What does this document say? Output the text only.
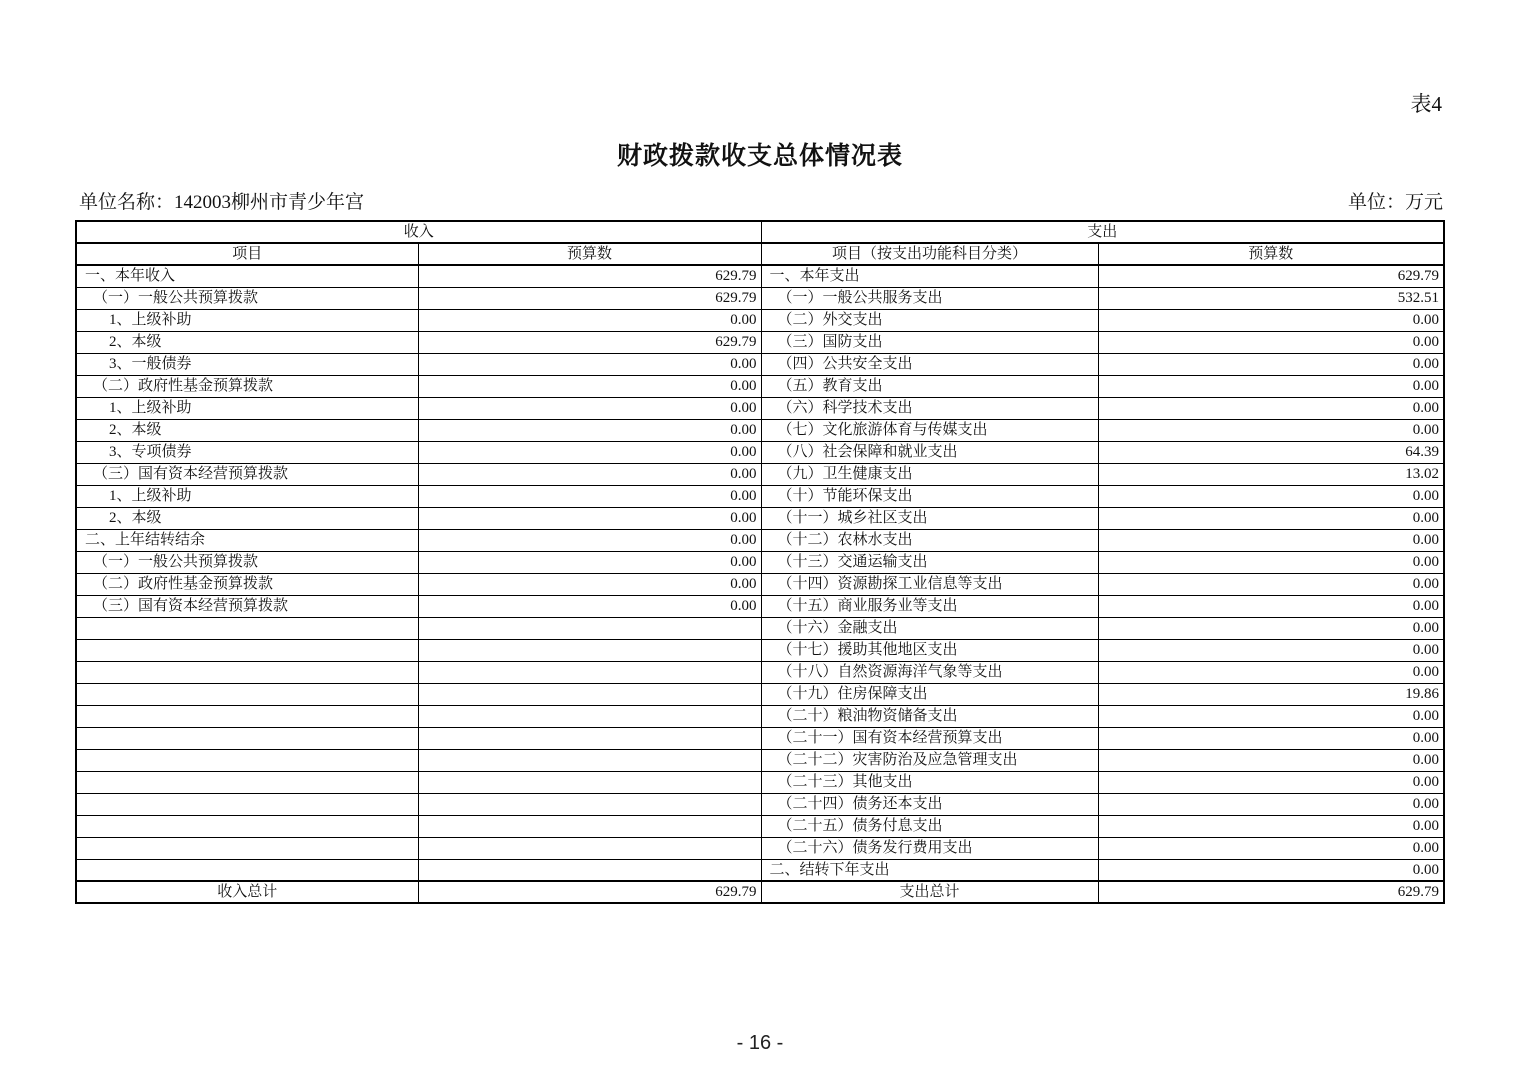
表4
财政拨款收支总体情况表
单位名称：142003柳州市青少年宫	单位：万元
收入		支出	
项目	预算数	项目（按支出功能科目分类）	预算数
一、本年收入	629.79	一、本年支出	629.79
（一）一般公共预算拨款	629.79	（一）一般公共服务支出	532.51
1、上级补助	0.00	（二）外交支出	0.00
2、本级	629.79	（三）国防支出	0.00
3、一般债券	0.00	（四）公共安全支出	0.00
（二）政府性基金预算拨款	0.00	（五）教育支出	0.00
1、上级补助	0.00	（六）科学技术支出	0.00
2、本级	0.00	（七）文化旅游体育与传媒支出	0.00
3、专项债券	0.00	（八）社会保障和就业支出	64.39
（三）国有资本经营预算拨款	0.00	（九）卫生健康支出	13.02
1、上级补助	0.00	（十）节能环保支出	0.00
2、本级	0.00	（十一）城乡社区支出	0.00
二、上年结转结余	0.00	（十二）农林水支出	0.00
（一）一般公共预算拨款	0.00	（十三）交通运输支出	0.00
（二）政府性基金预算拨款	0.00	（十四）资源勘探工业信息等支出	0.00
（三）国有资本经营预算拨款	0.00	（十五）商业服务业等支出	0.00
		（十六）金融支出	0.00
		（十七）援助其他地区支出	0.00
		（十八）自然资源海洋气象等支出	0.00
		（十九）住房保障支出	19.86
		（二十）粮油物资储备支出	0.00
		（二十一）国有资本经营预算支出	0.00
		（二十二）灾害防治及应急管理支出	0.00
		（二十三）其他支出	0.00
		（二十四）债务还本支出	0.00
		（二十五）债务付息支出	0.00
		（二十六）债务发行费用支出	0.00
		二、结转下年支出	0.00
收入总计	629.79	支出总计	629.79
- 16 -
